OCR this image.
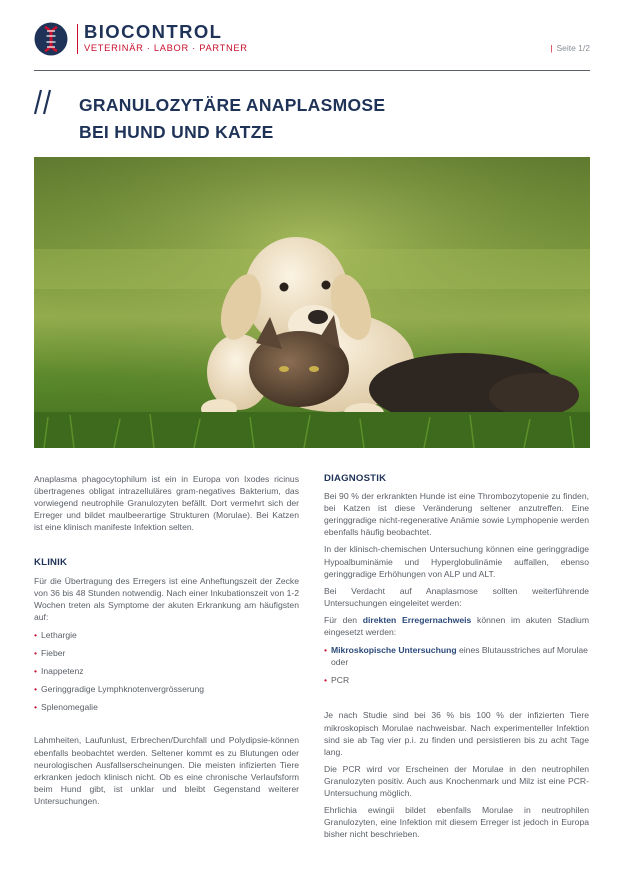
BIOCONTROL
VETERINÄR · LABOR · PARTNER	| Seite 1/2
GRANULOZYTÄRE ANAPLASMOSE
BEI HUND UND KATZE

Anaplasma phagocytophilum ist ein in Europa von Ixodes ricinus übertragenes obligat intrazelluläres gram-negatives Bakterium, das vorwiegend neutrophile Granulozyten befällt. Dort vermehrt sich der Erreger und bildet maulbeerartige Strukturen (Morulae). Bei Katzen ist eine klinisch manifeste Infektion selten.

KLINIK

Für die Übertragung des Erregers ist eine Anheftungszeit der Zecke von 36 bis 48 Stunden notwendig. Nach einer Inkubationszeit von 1-2 Wochen treten als Symptome der akuten Erkrankung am häufigsten auf:

• Lethargie
• Fieber
• Inappetenz
• Geringgradige Lymphknotenvergrösserung
• Splenomegalie

Lahmheiten, Laufunlust, Erbrechen/Durchfall und Polydipsie-können ebenfalls beobachtet werden. Seltener kommt es zu Blutungen oder neurologischen Ausfallserscheinungen. Die meisten infizierten Tiere erkranken jedoch klinisch nicht. Ob es eine chronische Verlaufsform beim Hund gibt, ist unklar und bleibt Gegenstand weiterer Untersuchungen.

DIAGNOSTIK

Bei 90 % der erkrankten Hunde ist eine Thrombozytopenie zu finden, bei Katzen ist diese Veränderung seltener anzutreffen. Eine geringgradige nicht-regenerative Anämie sowie Lymphopenie werden ebenfalls häufig beobachtet.

In der klinisch-chemischen Untersuchung können eine geringgradige Hypoalbuminämie und Hyperglobulinämie auffallen, ebenso geringgradige Erhöhungen von ALP und ALT.

Bei Verdacht auf Anaplasmose sollten weiterführende Untersuchungen eingeleitet werden:

Für den direkten Erregernachweis können im akuten Stadium eingesetzt werden:

• Mikroskopische Untersuchung eines Blutausstriches auf Morulae oder
• PCR

Je nach Studie sind bei 36 % bis 100 % der infizierten Tiere mikroskopisch Morulae nachweisbar. Nach experimenteller Infektion sind sie ab Tag vier p.i. zu finden und persistieren bis zu acht Tage lang.

Die PCR wird vor Erscheinen der Morulae in den neutrophilen Granulozyten positiv. Auch aus Knochenmark und Milz ist eine PCR-Untersuchung möglich.

Ehrlichia ewingii bildet ebenfalls Morulae in neutrophilen Granulozyten, eine Infektion mit diesem Erreger ist jedoch in Europa bisher nicht beschrieben.
